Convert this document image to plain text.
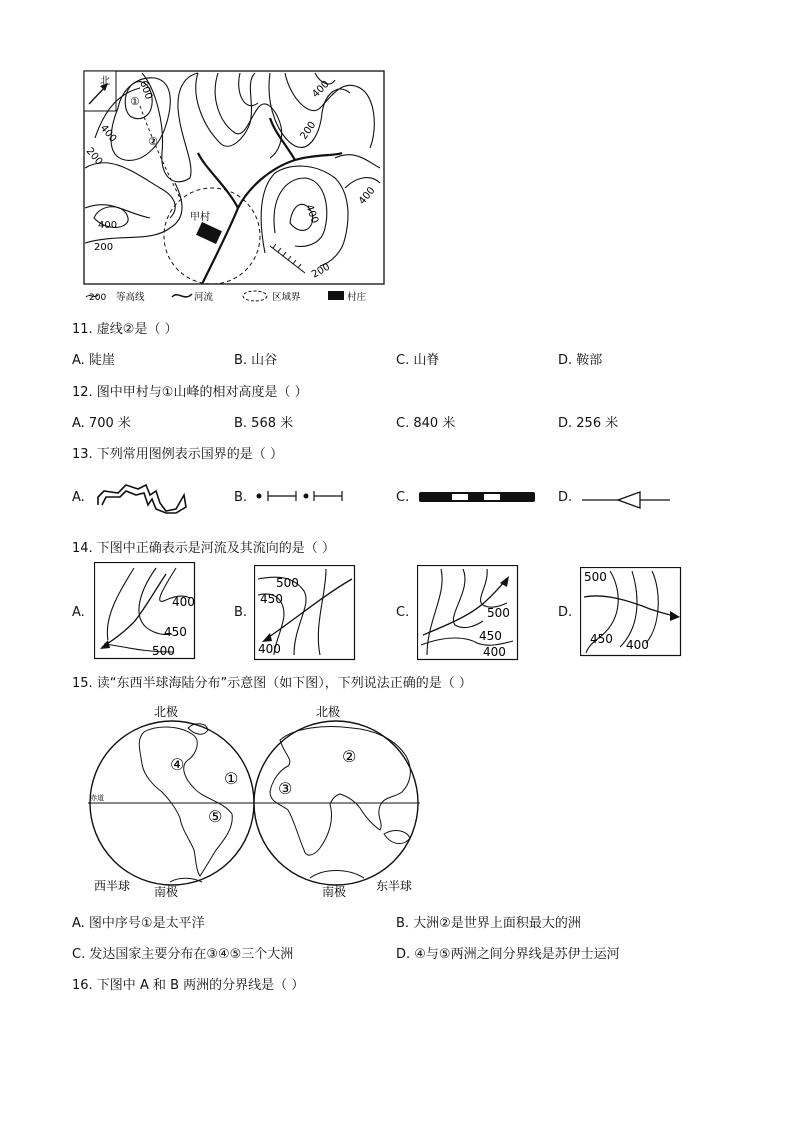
北	600
①
②
400
400
200
200
400
200
400
400
200
甲村
200 等高线	河流	区域界	村庄
11. 虚线②是（ ）
A. 陡崖	B. 山谷	C. 山脊	D. 鞍部
12. 图中甲村与①山峰的相对高度是（ ）
A. 700 米	B. 568 米	C. 840 米	D. 256 米
13. 下列常用图例表示国界的是（ ）
A.	B.	C.	D.
14. 下图中正确表示是河流及其流向的是（ ）
A.
400
450
500
B.
500
450
400
C.	500
450
400
D.
500
450 400
15. 读“东西半球海陆分布”示意图（如下图），下列说法正确的是（ ）
北极	北极
南极	南极
西半球	东半球
赤道
①
②
③
④
⑤
A. 图中序号①是太平洋	B. 大洲②是世界上面积最大的洲
C. 发达国家主要分布在③④⑤三个大洲	D. ④与⑤两洲之间分界线是苏伊士运河
16. 下图中 A 和 B 两洲的分界线是（ ）
